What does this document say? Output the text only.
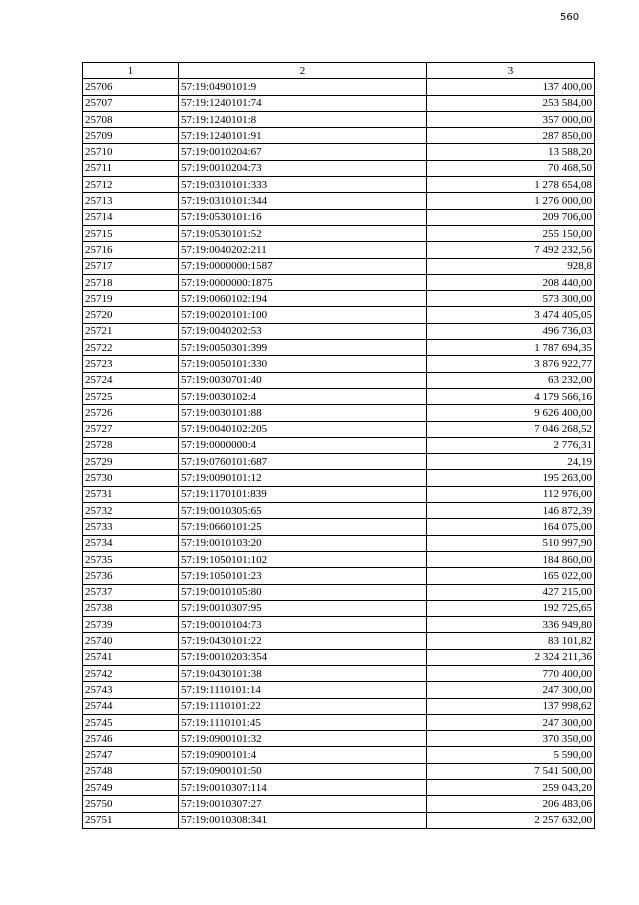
560
1	2	3
25706	57:19:0490101:9	137 400,00
25707	57:19:1240101:74	253 584,00
25708	57:19:1240101:8	357 000,00
25709	57:19:1240101:91	287 850,00
25710	57:19:0010204:67	13 588,20
25711	57:19:0010204:73	70 468,50
25712	57:19:0310101:333	1 278 654,08
25713	57:19:0310101:344	1 276 000,00
25714	57:19:0530101:16	209 706,00
25715	57:19:0530101:52	255 150,00
25716	57:19:0040202:211	7 492 232,56
25717	57:19:0000000:1587	928,8
25718	57:19:0000000:1875	208 440,00
25719	57:19:0060102:194	573 300,00
25720	57:19:0020101:100	3 474 405,05
25721	57:19:0040202:53	496 736,03
25722	57:19:0050301:399	1 787 694,35
25723	57:19:0050101:330	3 876 922,77
25724	57:19:0030701:40	63 232,00
25725	57:19:0030102:4	4 179 566,16
25726	57:19:0030101:88	9 626 400,00
25727	57:19:0040102:205	7 046 268,52
25728	57:19:0000000:4	2 776,31
25729	57:19:0760101:687	24,19
25730	57:19:0090101:12	195 263,00
25731	57:19:1170101:839	112 976,00
25732	57:19:0010305:65	146 872,39
25733	57:19:0660101:25	164 075,00
25734	57:19:0010103:20	510 997,90
25735	57:19:1050101:102	184 860,00
25736	57:19:1050101:23	165 022,00
25737	57:19:0010105:80	427 215,00
25738	57:19:0010307:95	192 725,65
25739	57:19:0010104:73	336 949,80
25740	57:19:0430101:22	83 101,82
25741	57:19:0010203:354	2 324 211,36
25742	57:19:0430101:38	770 400,00
25743	57:19:1110101:14	247 300,00
25744	57:19:1110101:22	137 998,62
25745	57:19:1110101:45	247 300,00
25746	57:19:0900101:32	370 350,00
25747	57:19:0900101:4	5 590,00
25748	57:19:0900101:50	7 541 500,00
25749	57:19:0010307:114	259 043,20
25750	57:19:0010307:27	206 483,06
25751	57:19:0010308:341	2 257 632,00
